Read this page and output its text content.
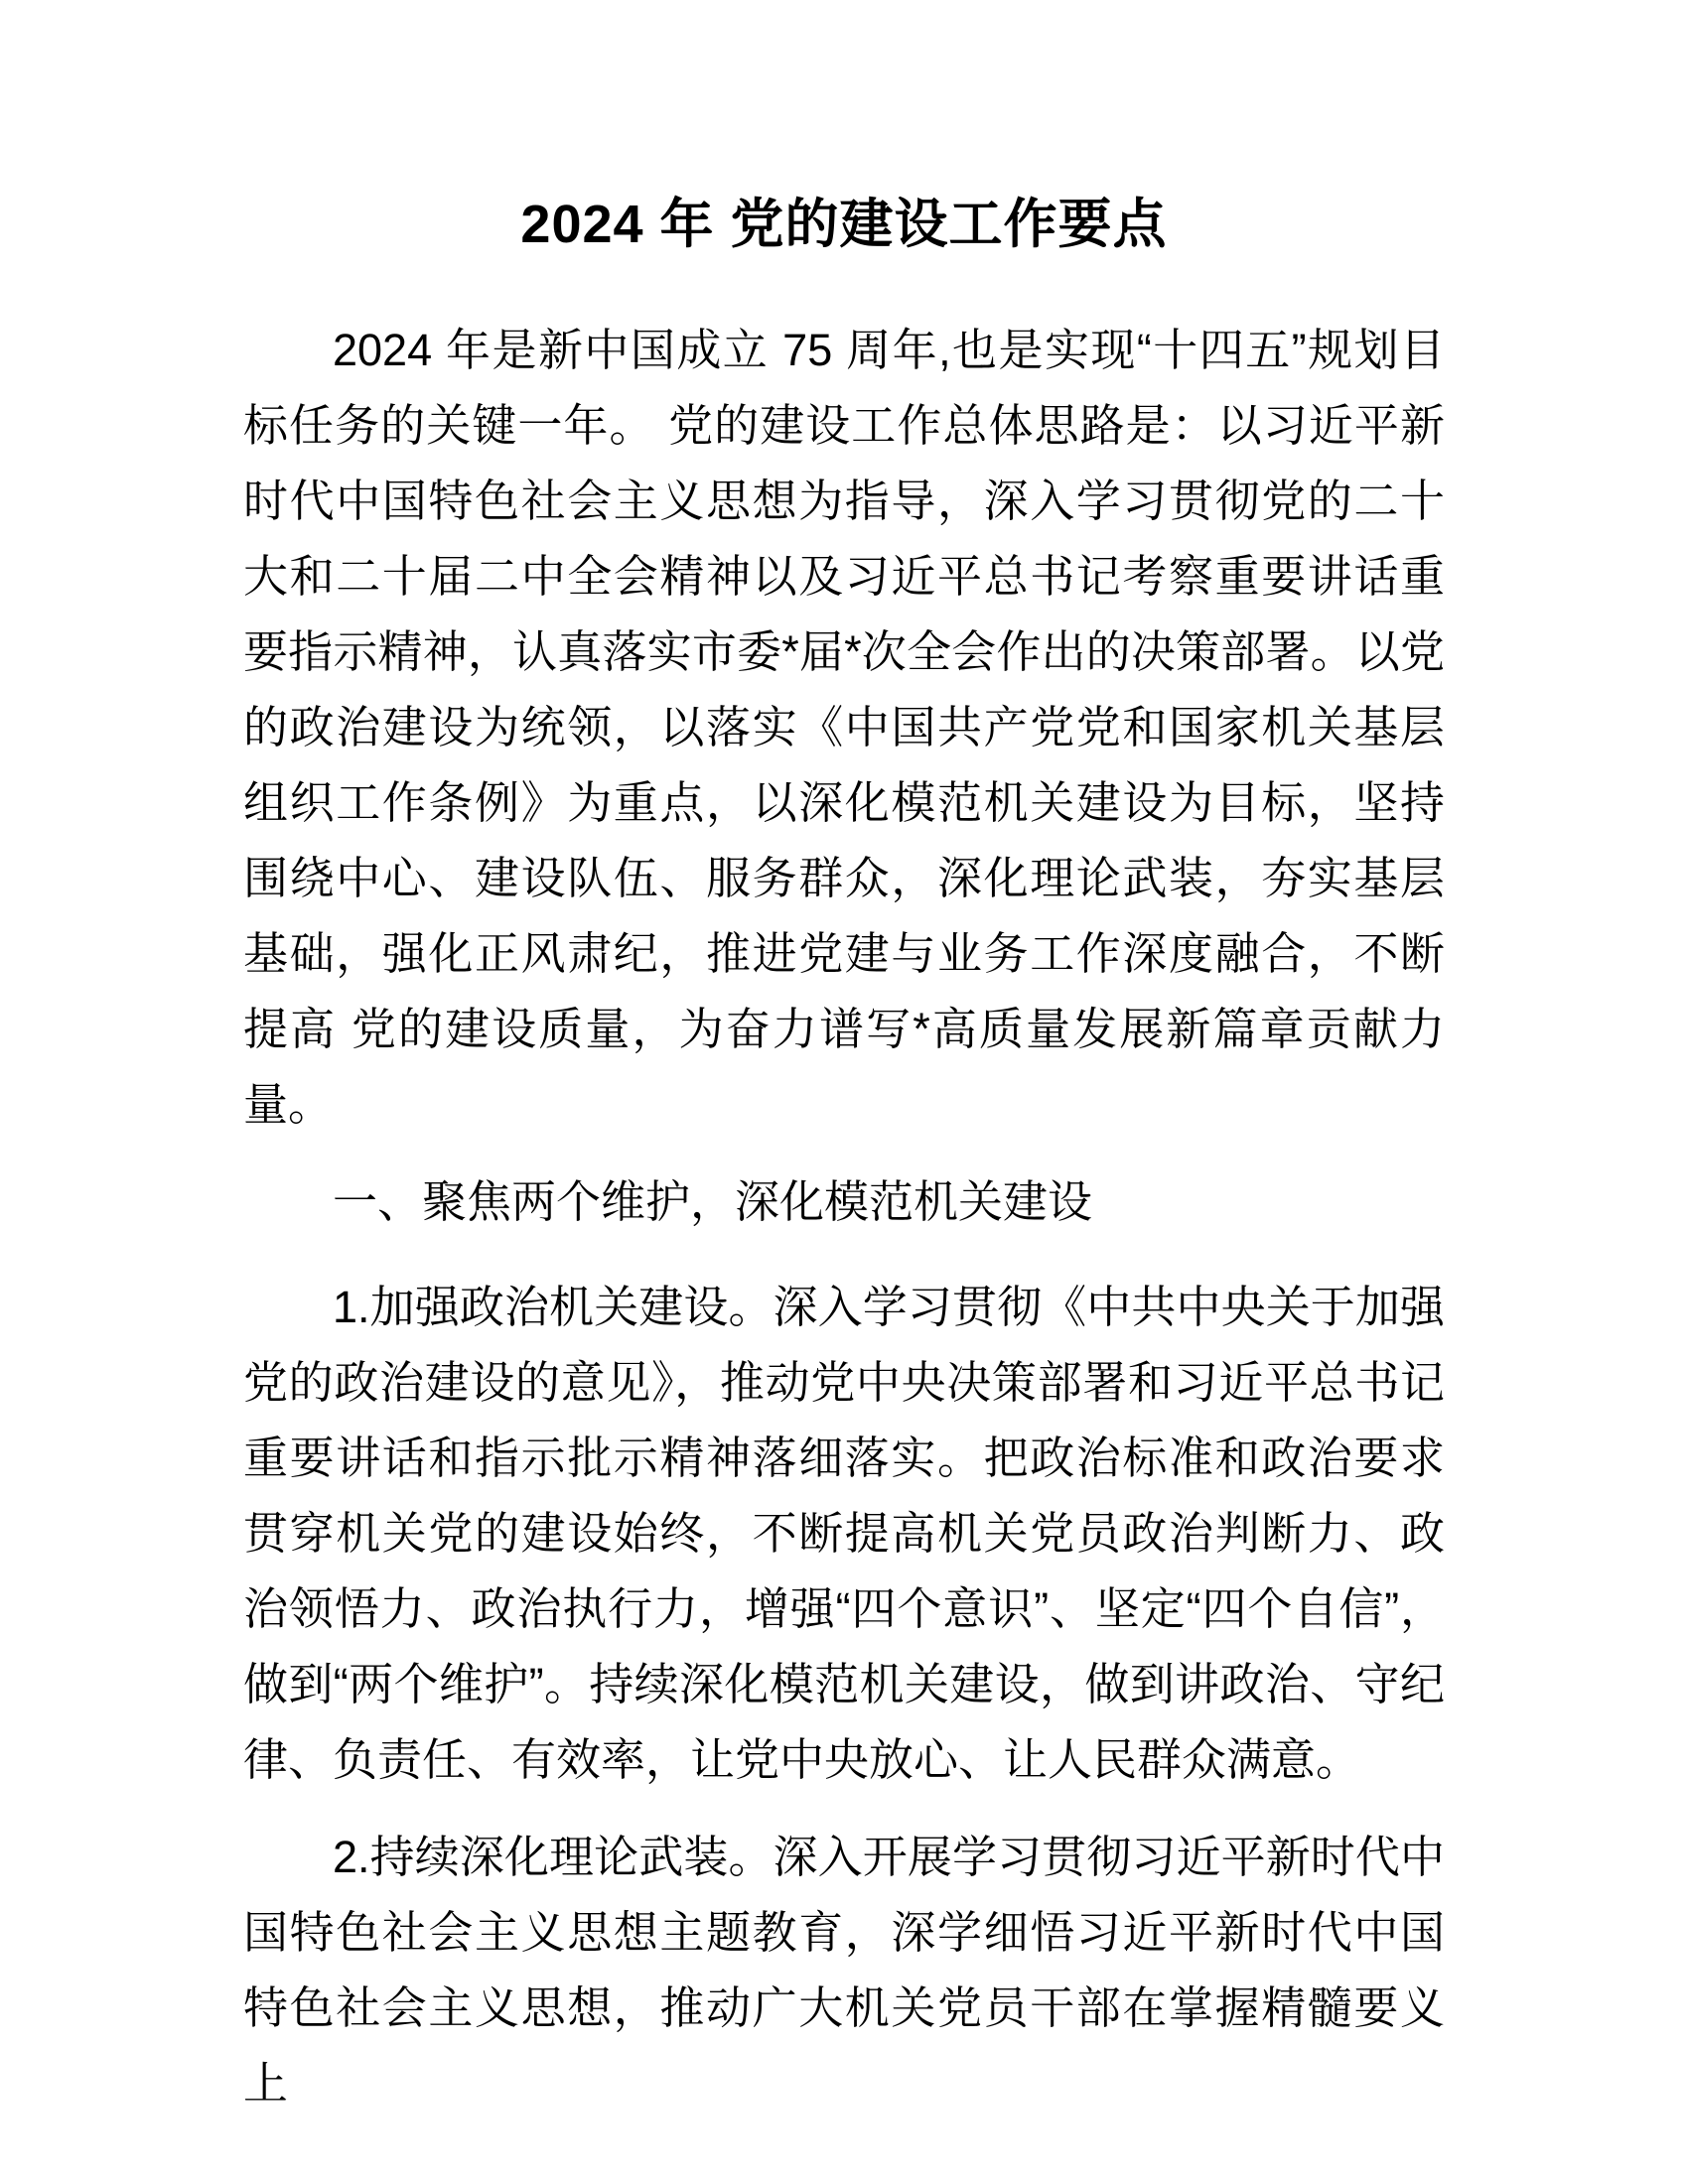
2024 年 党的建设工作要点

2024 年是新中国成立 75 周年,也是实现“十四五”规划目标任务的关键一年。 党的建设工作总体思路是：以习近平新时代中国特色社会主义思想为指导，深入学习贯彻党的二十大和二十届二中全会精神以及习近平总书记考察重要讲话重要指示精神，认真落实市委*届*次全会作出的决策部署。以党的政治建设为统领，以落实《中国共产党党和国家机关基层组织工作条例》为重点，以深化模范机关建设为目标，坚持围绕中心、建设队伍、服务群众，深化理论武装，夯实基层基础，强化正风肃纪，推进党建与业务工作深度融合，不断提高 党的建设质量，为奋力谱写*高质量发展新篇章贡献力量。

一、聚焦两个维护，深化模范机关建设

1.加强政治机关建设。深入学习贯彻《中共中央关于加强党的政治建设的意见》，推动党中央决策部署和习近平总书记重要讲话和指示批示精神落细落实。把政治标准和政治要求贯穿机关党的建设始终，不断提高机关党员政治判断力、政治领悟力、政治执行力，增强“四个意识”、坚定“四个自信”，做到“两个维护”。持续深化模范机关建设，做到讲政治、守纪律、负责任、有效率，让党中央放心、让人民群众满意。

2.持续深化理论武装。深入开展学习贯彻习近平新时代中国特色社会主义思想主题教育，深学细悟习近平新时代中国特色社会主义思想，推动广大机关党员干部在掌握精髓要义上
